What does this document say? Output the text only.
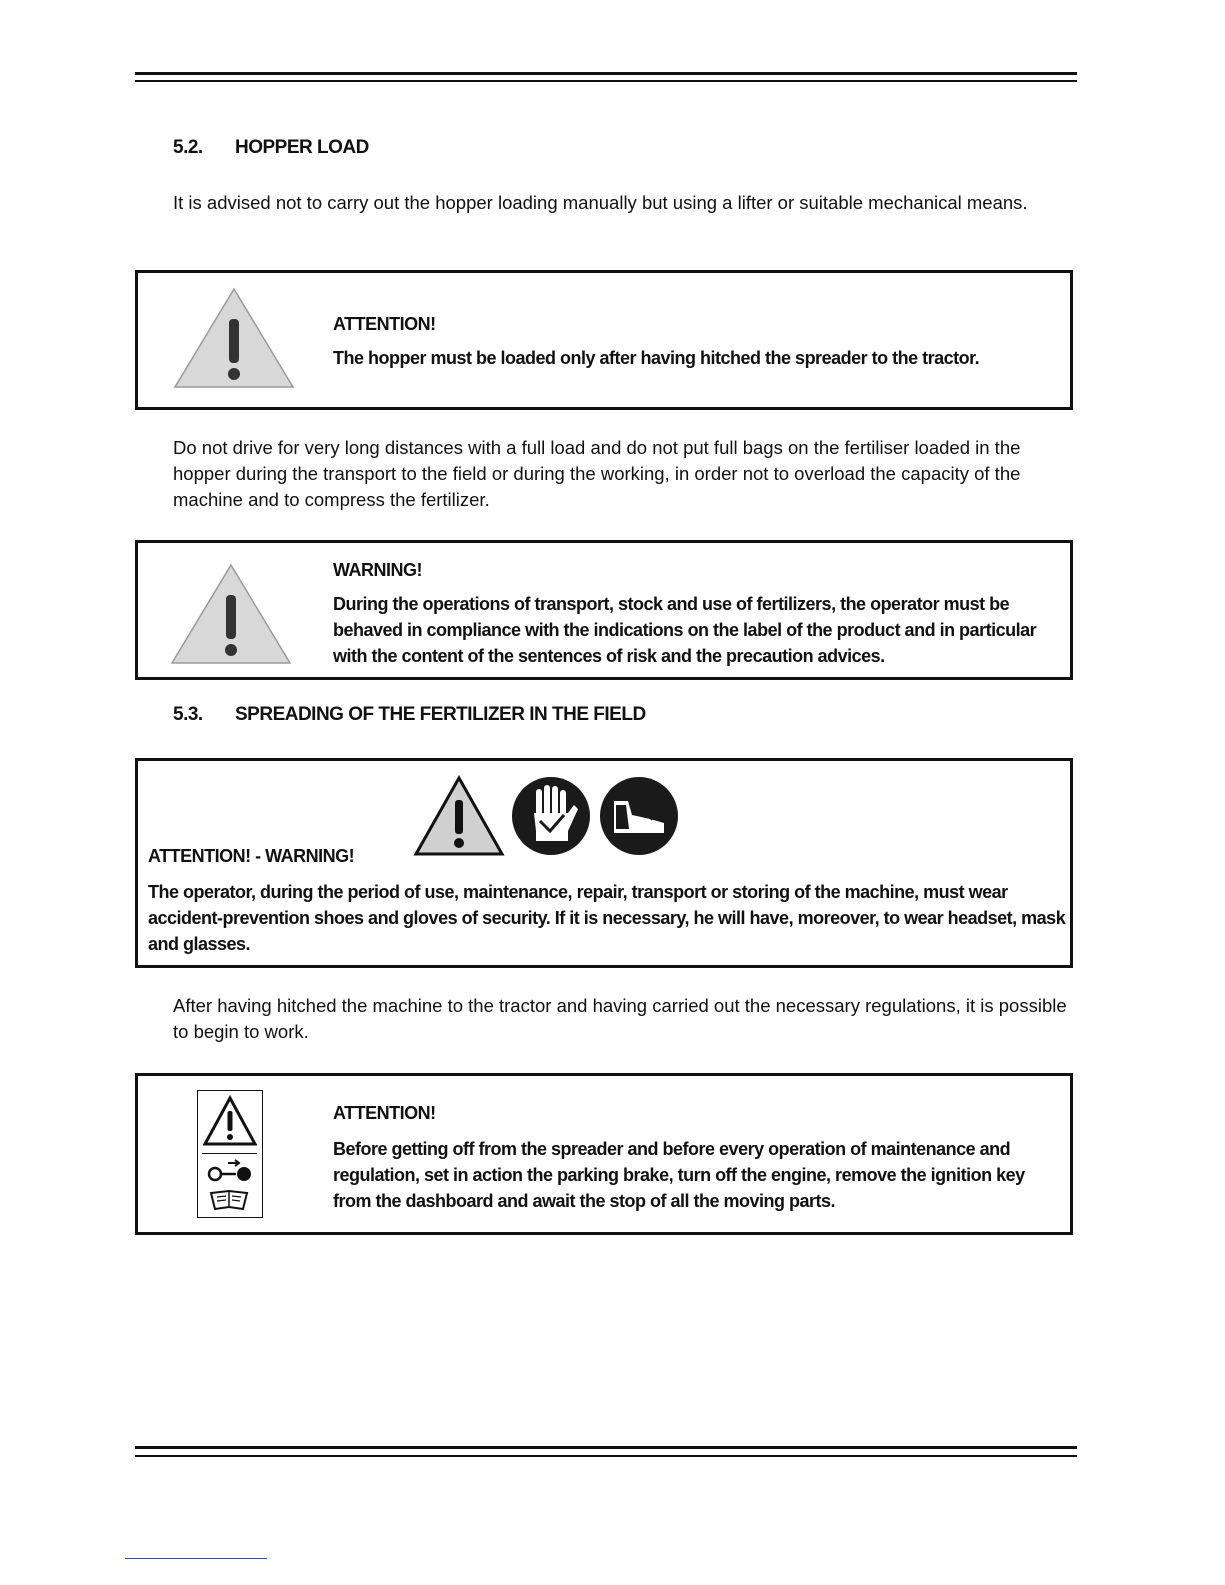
5.2. HOPPER LOAD
It is advised not to carry out the hopper loading manually but using a lifter or suitable mechanical means.
ATTENTION!
The hopper must be loaded only after having hitched the spreader to the tractor.
Do not drive for very long distances with a full load and do not put full bags on the fertiliser loaded in the hopper during the transport to the field or during the working, in order not to overload the capacity of the machine and to compress the fertilizer.
WARNING!
During the operations of transport, stock and use of fertilizers, the operator must be behaved in compliance with the indications on the label of the product and in particular with the content of the sentences of risk and the precaution advices.
5.3. SPREADING OF THE FERTILIZER IN THE FIELD
ATTENTION! - WARNING!
The operator, during the period of use, maintenance, repair, transport or storing of the machine, must wear accident-prevention shoes and gloves of security. If it is necessary, he will have, moreover, to wear headset, mask and glasses.
After having hitched the machine to the tractor and having carried out the necessary regulations, it is possible to begin to work.
ATTENTION!
Before getting off from the spreader and before every operation of maintenance and regulation, set in action the parking brake, turn off the engine, remove the ignition key from the dashboard and await the stop of all the moving parts.
